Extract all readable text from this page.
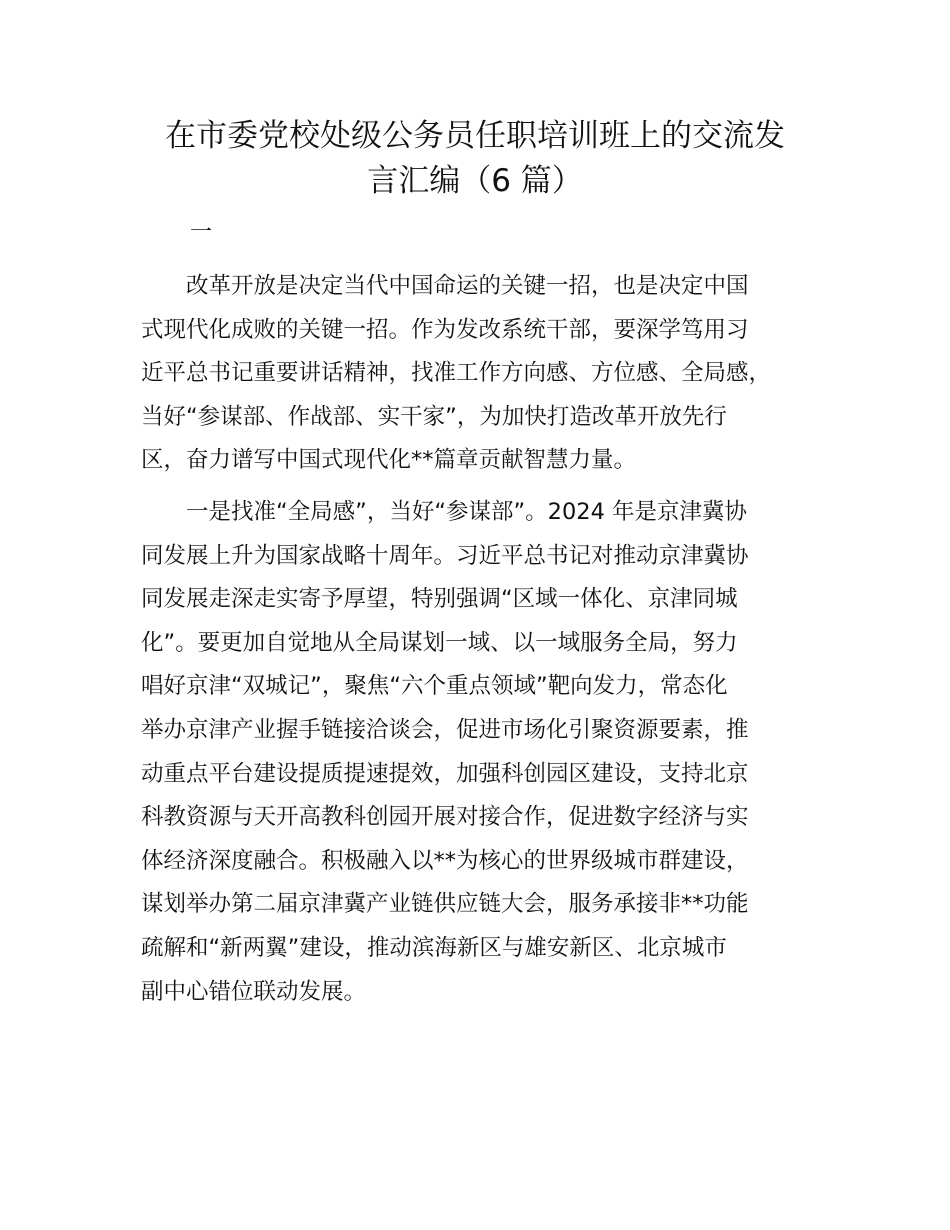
在市委党校处级公务员任职培训班上的交流发
言汇编（6 篇）

一

　　改革开放是决定当代中国命运的关键一招，也是决定中国
式现代化成败的关键一招。作为发改系统干部，要深学笃用习
近平总书记重要讲话精神，找准工作方向感、方位感、全局感，
当好“参谋部、作战部、实干家”，为加快打造改革开放先行
区，奋力谱写中国式现代化**篇章贡献智慧力量。
　　一是找准“全局感”，当好“参谋部”。2024 年是京津冀协
同发展上升为国家战略十周年。习近平总书记对推动京津冀协
同发展走深走实寄予厚望，特别强调“区域一体化、京津同城
化”。要更加自觉地从全局谋划一域、以一域服务全局，努力
唱好京津“双城记”，聚焦“六个重点领域”靶向发力，常态化
举办京津产业握手链接洽谈会，促进市场化引聚资源要素，推
动重点平台建设提质提速提效，加强科创园区建设，支持北京
科教资源与天开高教科创园开展对接合作，促进数字经济与实
体经济深度融合。积极融入以**为核心的世界级城市群建设，
谋划举办第二届京津冀产业链供应链大会，服务承接非**功能
疏解和“新两翼”建设，推动滨海新区与雄安新区、北京城市
副中心错位联动发展。
